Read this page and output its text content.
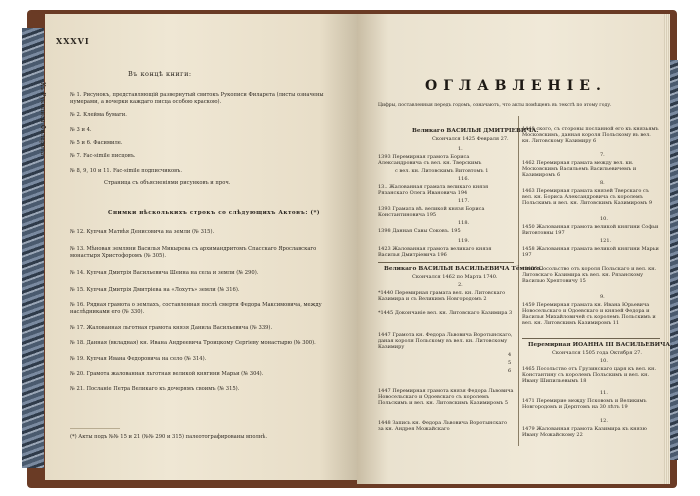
XXXVI
Къ Рукописи Филарета
Въ концѣ книги:
№ 1. Рисунокъ, представляющій развернутый свитокъ Рукописи Филарета (листы означены нумерами, а вочерки каждаго писца особою краскою).
№ 2. Клейма бумаги.
№ 3 и 4.
№ 5 и 6. Фасимиле.
№ 7. Fac-simile писцовъ.
№ 8, 9, 10 и 11. Fac-simile подписчиковъ.
Страница съ объясненіями рисунковъ и проч.
Снимки нѣсколькихъ строкъ со слѣдующихъ Актовъ: (*)
№ 12. Купчая Матвѣя Денисовича на земли (№ 315).
№ 13. Мѣновая земляни Василья Микырева съ архимандритомъ Спасскаго Ярославскаго монастыря Христофоромъ (№ 305).
№ 14. Купчая Дмитрія Васильевича Шеина на села и земли (№ 290).
№ 15. Купчая Дмитрія Дмитріева на «Лохутъ» земли (№ 316).
№ 16. Рядная грамота о землахъ, составленная послѣ смерти Федора Максимовича, между наслѣдниками его (№ 330).
№ 17. Жалованная льготная грамота князя Данила Васильевича (№ 339).
№ 18. Данная (вкладная) кн. Ивана Андреевича Троицкому Сергіеву монастырю (№ 300).
№ 19. Купчая Ивана Федоровича на село (№ 314).
№ 20. Грамота жалованная льготная великой княгини Марьи (№ 304).
№ 21. Посланіе Петра Великаго къ дочерямъ своимъ (№ 315).
(*) Акты подъ №№ 15 и 21 (№№ 290 и 315) палеотографированы вполнѣ.
ОГЛАВЛЕНІЕ.
Цифры, поставленныя передъ годомъ, означаютъ, что акты помѣщенъ въ текстѣ по этому году.
Великаго ВАСИЛЬЯ ДМИТРІЕВИЧА.
Скончался 1425 Февраля 27.
1.
1393 Перемирная грамота Бориса Александровича съ вел. кн. Тверскимъ
с вел. кн. Литовскимъ Витовтомъ 1
116.
13.. Жалованная грамата великаго князя Рязанскаго Олега Ивановича 194
117.
1393 Грамата вѣ. великой князя Бориса Константиновича 195
118.
1398 Данная Савы Соковъ. 195
119.
1423 Жалованная грамота великаго князя Василья Дмитріевича 196
Великаго ВАСИЛЬЯ ВАСИЛЬЕВИЧА Тёмнаго.
Скончался 1462 по Марта 1740.
2.
*1440 Перемирная грамата вел. кн. Литовскаго Казимира и съ Великимъ Новгородомъ 2
*1445 Докончаніе вел. кн. Литовскаго Казимира 3
1447 Грамота кн. Федора Львовича Воротынскаго, даная короля Польскому въ вел. кн. Литовскому Казимиру
4
5
6
1447 Перемирная грамота князя Федора Львовича Новосельскаго и Одоевскаго съ королемъ Польскимъ и вел. кн. Литовскимъ Казимиромъ 5
1448 Запись кн. Федора Львовича Воротынскаго за кн. Андрея Можайскаго
1448 ского, съ стороны посланной его къ князьямъ Московскимъ, данная короля Польскому въ вел. кн. Литовскому Казимиру 6
7.
1462 Перемирная грамата между вел. кн. Московскимъ Васильемъ Васильевичемъ и Казимиромъ 6
8.
1463 Перемирная грамата князей Тверскаго съ вел. кн. Бориса Александровича съ королемъ Польскимъ и вел. кн. Литовскимъ Казимиромъ 9
10.
1450 Жалованная грамота великой княгини Софьи Витовтовны 197
121.
1458 Жалованная грамата великой княгини Марьи 197
*1456 Посольство отъ короля Польскаго и вел. кн. Литовскаго Казимира къ вел. кн. Рязанскому Василью Хрептовичу 15
9.
1459 Перемирная грамата кн. Ивана Юрьевича Новосельскаго и Одоевскаго и князей Федора и Василья Михайловичей съ королемъ Польскимъ и вел. кн. Литовскимъ Казимиромъ 11
Перемирная ИОАННА III ВАСИЛЬЕВИЧА.
Скончался 1505 года Октября 27.
10.
1465 Посольство отъ Грузинскаго царя къ вел. кн. Константину съ королемъ Польскимъ и вел. кн. Ивану Шипильевымъ 18
11.
1471 Перемирие между Псковомъ и Великимъ Новгородомъ и Дерптомъ на 30 лѣтъ 19
12.
1479 Жалованная грамота Казимира къ князю Ивану Можайскому 22
